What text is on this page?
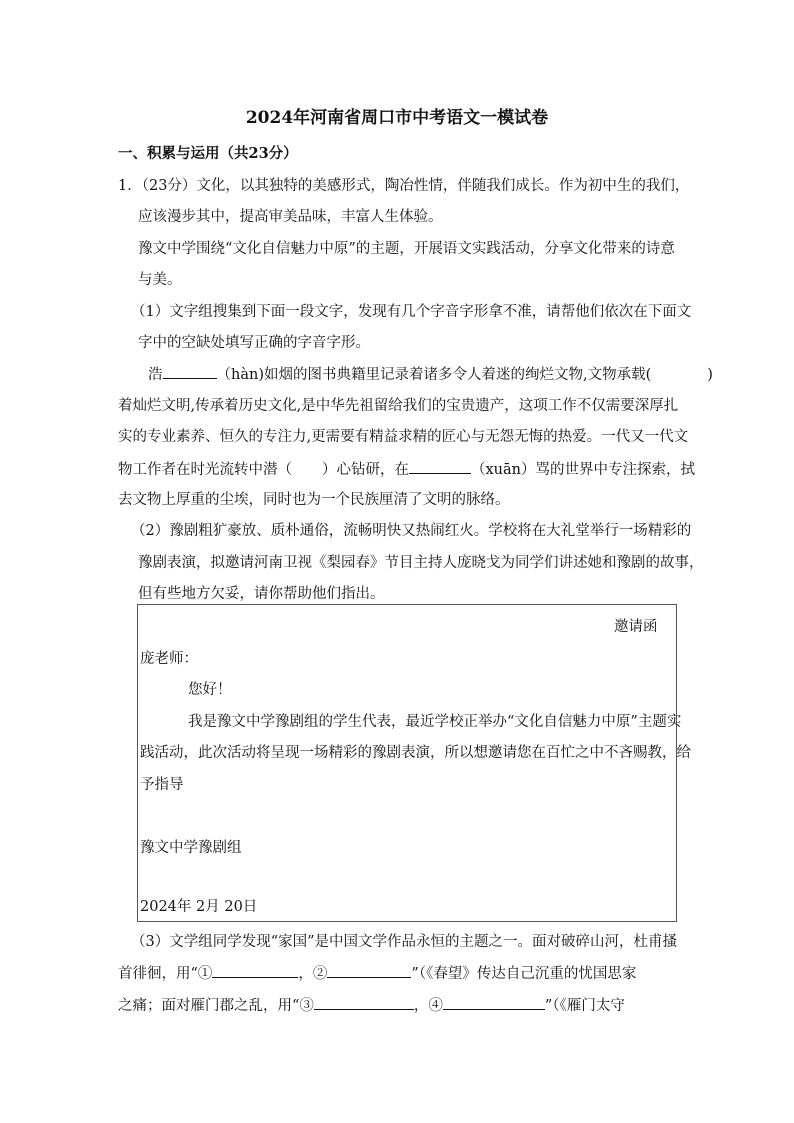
2024年河南省周口市中考语文一模试卷
一、积累与运用（共23分）
1．（23分）文化，以其独特的美感形式，陶冶性情，伴随我们成长。作为初中生的我们，
应该漫步其中，提高审美品味，丰富人生体验。
豫文中学围绕“文化自信魅力中原”的主题，开展语文实践活动，分享文化带来的诗意
与美。
（1）文字组搜集到下面一段文字，发现有几个字音字形拿不准，请帮他们依次在下面文
字中的空缺处填写正确的字音字形。
浩	（hàn)如烟的图书典籍里记录着诸多令人着迷的绚烂文物,文物承载(	)
着灿烂文明,传承着历史文化,是中华先祖留给我们的宝贵遗产，这项工作不仅需要深厚扎
实的专业素养、恒久的专注力,更需要有精益求精的匠心与无怨无悔的热爱。一代又一代文
物工作者在时光流转中潜（ ）心钻研，在	（xuān）骂的世界中专注探索，拭
去文物上厚重的尘埃，同时也为一个民族厘清了文明的脉络。
（2）豫剧粗犷豪放、质朴通俗，流畅明快又热闹红火。学校将在大礼堂举行一场精彩的
豫剧表演，拟邀请河南卫视《梨园春》节目主持人庞晓戈为同学们讲述她和豫剧的故事，
但有些地方欠妥，请你帮助他们指出。
邀请函
庞老师：
您好！
我是豫文中学豫剧组的学生代表，最近学校正举办“文化自信魅力中原”主题实
践活动，此次活动将呈现一场精彩的豫剧表演，所以想邀请您在百忙之中不吝赐教，给
予指导
豫文中学豫剧组
2024年 2月 20日
（3）文学组同学发现“家国”是中国文学作品永恒的主题之一。面对破碎山河，杜甫搔
首徘徊，用“①	，②	”（《春望》传达自己沉重的忧国思家
之痛；面对雁门郡之乱，用“③	，④	”（《雁门太守
